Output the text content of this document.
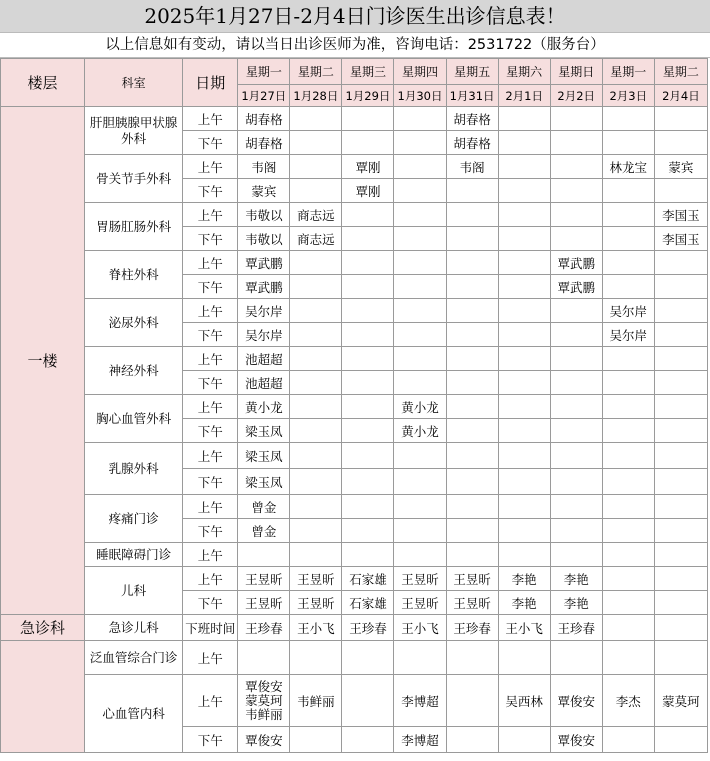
2025年1月27日-2月4日门诊医生出诊信息表！
以上信息如有变动，请以当日出诊医师为准，咨询电话：2531722（服务台）
楼层	科室	日期	星期一	星期二	星期三	星期四	星期五	星期六	星期日	星期一	星期二
			1月27日	1月28日	1月29日	1月30日	1月31日	2月1日	2月2日	2月3日	2月4日
一楼	肝胆胰腺甲状腺外科	上午	胡春格				胡春格				
		下午	胡春格				胡春格				
	骨关节手外科	上午	韦阁		覃刚		韦阁			林龙宝	蒙宾
		下午	蒙宾		覃刚						
	胃肠肛肠外科	上午	韦敬以	商志远							李国玉
		下午	韦敬以	商志远							李国玉
	脊柱外科	上午	覃武鹏						覃武鹏		
		下午	覃武鹏						覃武鹏		
	泌尿外科	上午	吴尔岸							吴尔岸	
		下午	吴尔岸							吴尔岸	
	神经外科	上午	池超超								
		下午	池超超								
	胸心血管外科	上午	黄小龙			黄小龙					
		下午	梁玉凤			黄小龙					
	乳腺外科	上午	梁玉凤								
		下午	梁玉凤								
	疼痛门诊	上午	曾金								
		下午	曾金								
	睡眠障碍门诊	上午									
	儿科	上午	王昱昕	王昱昕	石家雄	王昱昕	王昱昕	李艳	李艳		
		下午	王昱昕	王昱昕	石家雄	王昱昕	王昱昕	李艳	李艳		
急诊科	急诊儿科	下班时间	王珍春	王小飞	王珍春	王小飞	王珍春	王小飞	王珍春		
	泛血管综合门诊	上午									
	心血管内科	上午	覃俊安 蒙莫珂 韦鲜丽	韦鲜丽		李博超		吴西林	覃俊安	李杰	蒙莫珂
		下午	覃俊安			李博超			覃俊安		
